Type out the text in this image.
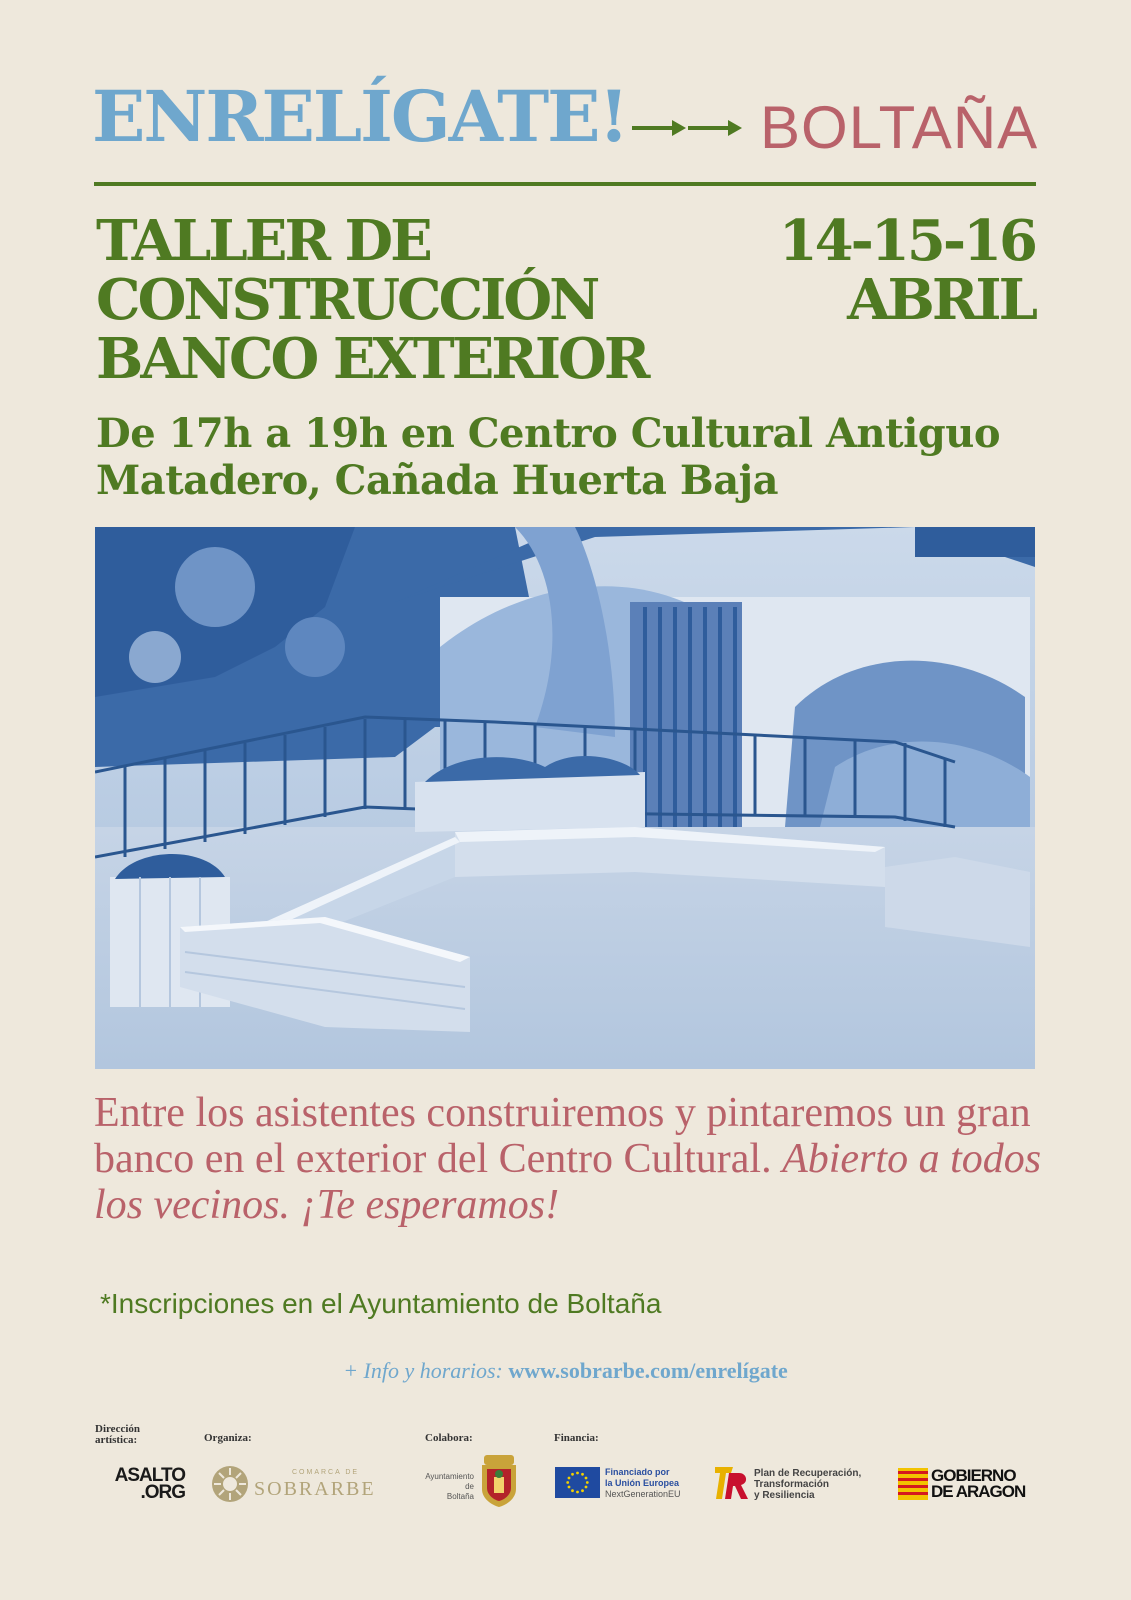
ENRELÍGATE! BOLTAÑA
TALLER DE
CONSTRUCCIÓN
BANCO EXTERIOR
14-15-16
ABRIL
De 17h a 19h en Centro Cultural Antiguo
Matadero, Cañada Huerta Baja
Entre los asistentes construiremos y pintaremos un gran banco en el exterior del Centro Cultural. Abierto a todos los vecinos. ¡Te esperamos!
*Inscripciones en el Ayuntamiento de Boltaña
+ Info y horarios: www.sobrarbe.com/enrelígate
Dirección artística:
ASALTO
.ORG
Organiza:
COMARCA DE
SOBRARBE
Colabora:
Ayuntamiento
de
Boltaña
Financia:
Financiado por
la Unión Europea
NextGenerationEU
Plan de Recuperación,
Transformación
y Resiliencia
GOBIERNO
DE ARAGON
